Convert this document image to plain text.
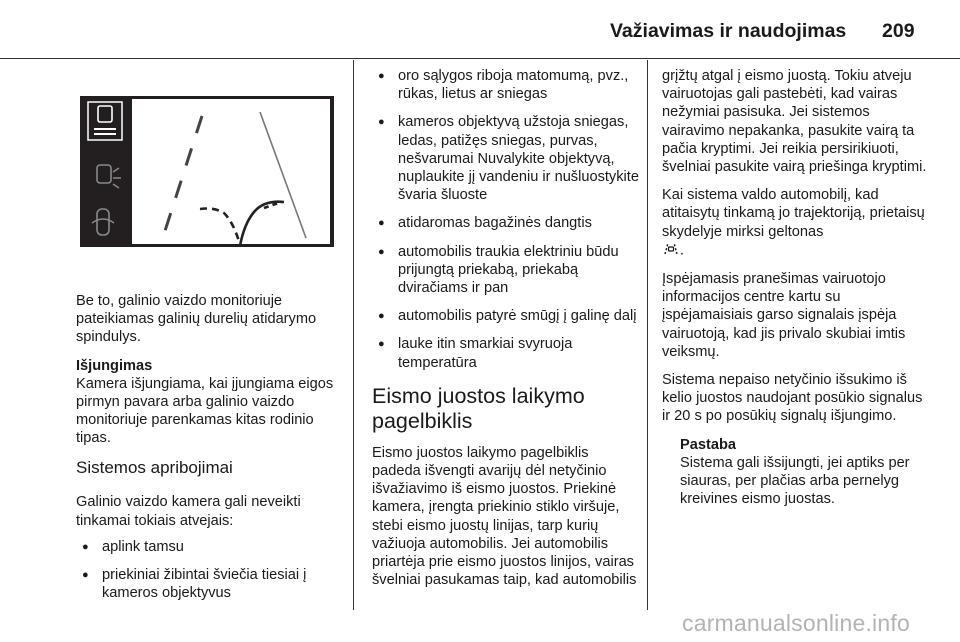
Važiavimas ir naudojimas 209

Be to, galinio vaizdo monitoriuje pateikiamas galinių durelių atidarymo spindulys.

Išjungimas

Kamera išjungiama, kai įjungiama eigos pirmyn pavara arba galinio vaizdo monitoriuje parenkamas kitas rodinio tipas.

Sistemos apribojimai

Galinio vaizdo kamera gali neveikti tinkamai tokiais atvejais:

● aplink tamsu
● priekiniai žibintai šviečia tiesiai į kameros objektyvus
● oro sąlygos riboja matomumą, pvz., rūkas, lietus ar sniegas
● kameros objektyvą užstoja sniegas, ledas, patižęs sniegas, purvas, nešvarumai Nuvalykite objektyvą, nuplaukite jį vandeniu ir nušluostykite švaria šluoste
● atidaromas bagažinės dangtis
● automobilis traukia elektriniu būdu prijungtą priekabą, priekabą dviračiams ir pan
● automobilis patyrė smūgį į galinę dalį
● lauke itin smarkiai svyruoja temperatūra
Eismo juostos laikymo pagelbiklis

Eismo juostos laikymo pagelbiklis padeda išvengti avarijų dėl netyčinio išvažiavimo iš eismo juostos. Priekinė kamera, įrengta priekinio stiklo viršuje, stebi eismo juostų linijas, tarp kurių važiuoja automobilis. Jei automobilis priartėja prie eismo juostos linijos, vairas švelniai pasukamas taip, kad automobilis

grįžtų atgal į eismo juostą. Tokiu atveju vairuotojas gali pastebėti, kad vairas nežymiai pasisuka. Jei sistemos vairavimo nepakanka, pasukite vairą ta pačia kryptimi. Jei reikia persirikiuoti, švelniai pasukite vairą priešinga kryptimi.

Kai sistema valdo automobilį, kad atitaisytų tinkamą jo trajektoriją, prietaisų skydelyje mirksi geltonas
.

Įspėjamasis pranešimas vairuotojo informacijos centre kartu su įspėjamaisiais garso signalais įspėja vairuotoją, kad jis privalo skubiai imtis veiksmų.

Sistema nepaiso netyčinio išsukimo iš kelio juostos naudojant posūkio signalus ir 20 s po posūkių signalų išjungimo.

Pastaba
Sistema gali išsijungti, jei aptiks per siauras, per plačias arba pernelyg kreivines eismo juostas.
carmanualsonline.info
